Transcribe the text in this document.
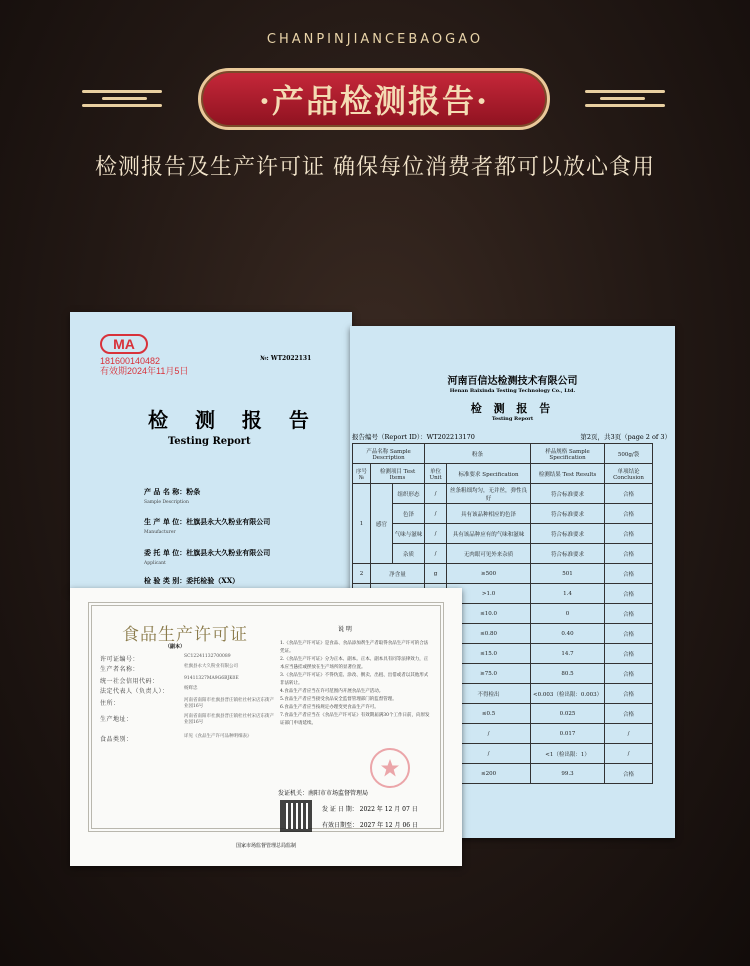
CHANPINJIANCEBAOGAO
·产品检测报告·
检测报告及生产许可证 确保每位消费者都可以放心食用
MA
181600140482
有效期2024年11月5日
№: WT2022131
检 测 报 告
Testing Report
产 品 名 称：粉条
Sample Description
生 产 单 位：杜旗县永大久粉业有限公司
Manufacturer
委 托 单 位：杜旗县永大久粉业有限公司
Applicant
检 验 类 别：委托检验（XX）
河南百信达检测技术有限公司
Henan Baixinda Testing Technology Co., Ltd.
检 测 报 告
Testing Report
报告编号（Report ID）：WT202213170	第2页，共3页（page 2 of 3）
产品名称 Sample Description			粉条		样品规格 Sample Specification	500g/袋
序号 №	检测项目 Test Items		单位 Unit	标准要求 Specification	检测结果 Test Results	单项结论 Conclusion
1	感官	组织形态	/	丝条粗细均匀，无并丝，弹性良好	符合标准要求	合格
		色泽	/	具有该品种相应的色泽	符合标准要求	合格
		气味与滋味	/	具有该品种应有的气味和滋味	符合标准要求	合格
		杂质	/	无肉眼可见外来杂质	符合标准要求	合格
2	净含量		g	≥500	501	合格
				>1.0	1.4	合格
				≤10.0	0	合格
				≤0.80	0.40	合格
				≤15.0	14.7	合格
				≥75.0	80.5	合格
				不得检出	<0.003（检出限：0.003）	合格
				≤0.5	0.025	合格
				/	0.017	/
				/	<1（检出限：1）	/
				≤200	99.3	合格
食品生产许可证
（副本）
许可证编号：	SC12241132700089
生产者名称：	杜旗县永大久粉业有限公司
统一社会信用代码：	91411327MA9G6BJK0E
法定代表人（负责人）：	杨辉忠
住所：	河南省南阳市社旗县晋庄镇杜社村宋店东街产业园16号
生产地址：	河南省南阳市社旗县晋庄镇杜社村宋店东街产业园16号
食品类别：	详见《食品生产许可品种明细表》
说 明
1.《食品生产许可证》是食品、食品添加剂生产者取得食品生产许可的合法凭证。
2.《食品生产许可证》分为正本、副本。正本、副本具有同等法律效力，正本应当悬挂或摆放在生产场所的显著位置。
3.《食品生产许可证》不得伪造、涂改、倒卖、出租、出借或者以其他形式非法转让。
4.食品生产者应当在许可范围内开展食品生产活动。
5.食品生产者应当接受食品安全监督管理部门的监督管理。
6.食品生产者应当按规定办理变更食品生产许可。
7.食品生产者应当在《食品生产许可证》有效期届满30个工作日前，向原发证部门申请延续。
发证机关：南阳市市场监督管理局
发 证 日 期： 2022 年 12 月 07 日
有效日期至： 2027 年 12 月 06 日
国家市场监督管理总局监制
